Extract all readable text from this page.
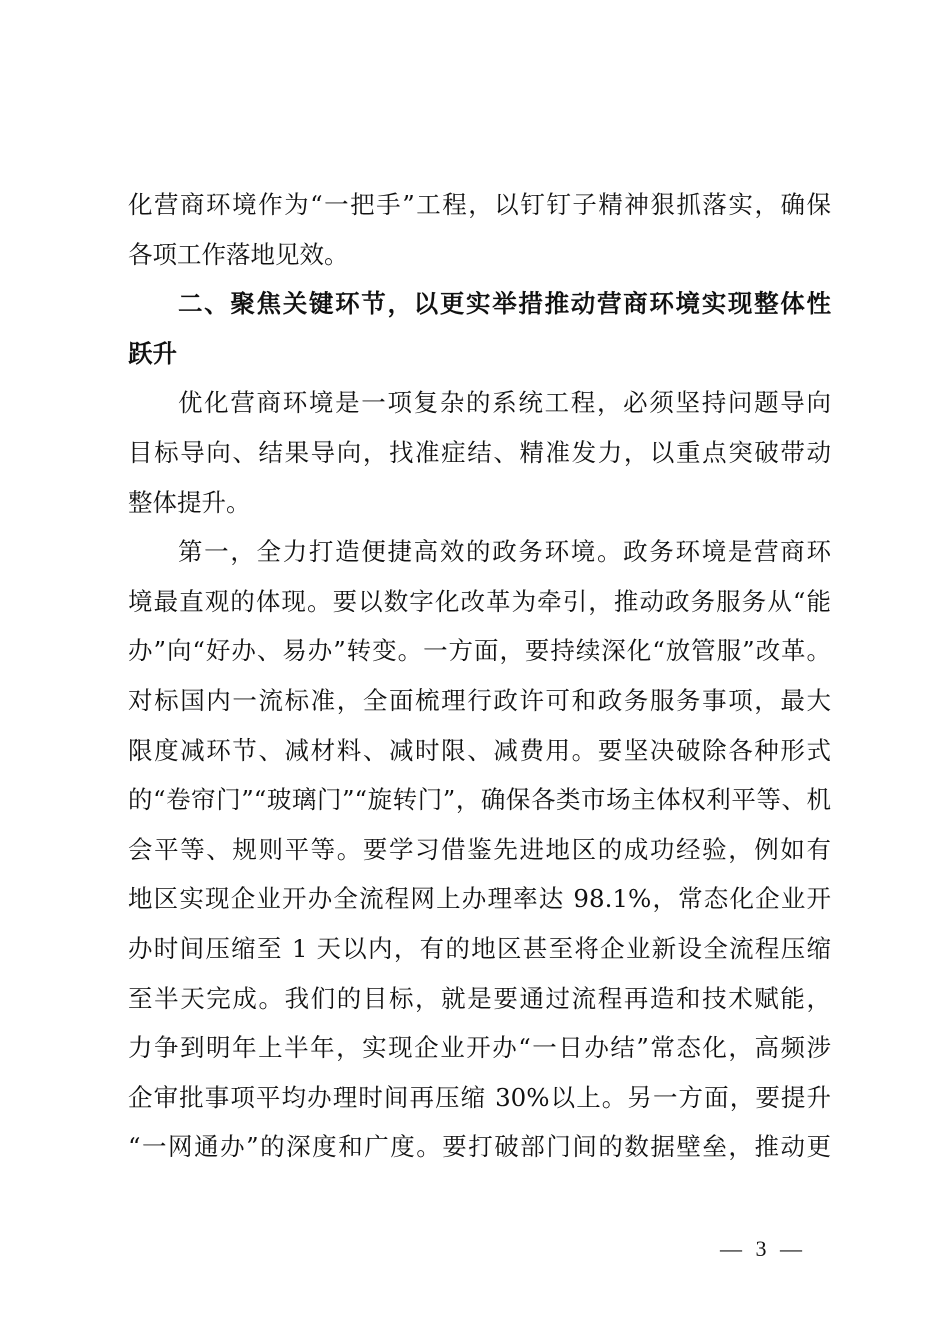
化营商环境作为“一把手”工程，以钉钉子精神狠抓落实，确保
各项工作落地见效。
二、聚焦关键环节，以更实举措推动营商环境实现整体性
跃升
优化营商环境是一项复杂的系统工程，必须坚持问题导向
目标导向、结果导向，找准症结、精准发力，以重点突破带动
整体提升。
第一，全力打造便捷高效的政务环境。政务环境是营商环
境最直观的体现。要以数字化改革为牵引，推动政务服务从“能
办”向“好办、易办”转变。一方面，要持续深化“放管服”改革。
对标国内一流标准，全面梳理行政许可和政务服务事项，最大
限度减环节、减材料、减时限、减费用。要坚决破除各种形式
的“卷帘门”“玻璃门”“旋转门”，确保各类市场主体权利平等、机
会平等、规则平等。要学习借鉴先进地区的成功经验，例如有
地区实现企业开办全流程网上办理率达 98.1%，常态化企业开
办时间压缩至 1 天以内，有的地区甚至将企业新设全流程压缩
至半天完成。我们的目标，就是要通过流程再造和技术赋能，
力争到明年上半年，实现企业开办“一日办结”常态化，高频涉
企审批事项平均办理时间再压缩 30%以上。另一方面，要提升
“一网通办”的深度和广度。要打破部门间的数据壁垒，推动更
— 3 —
